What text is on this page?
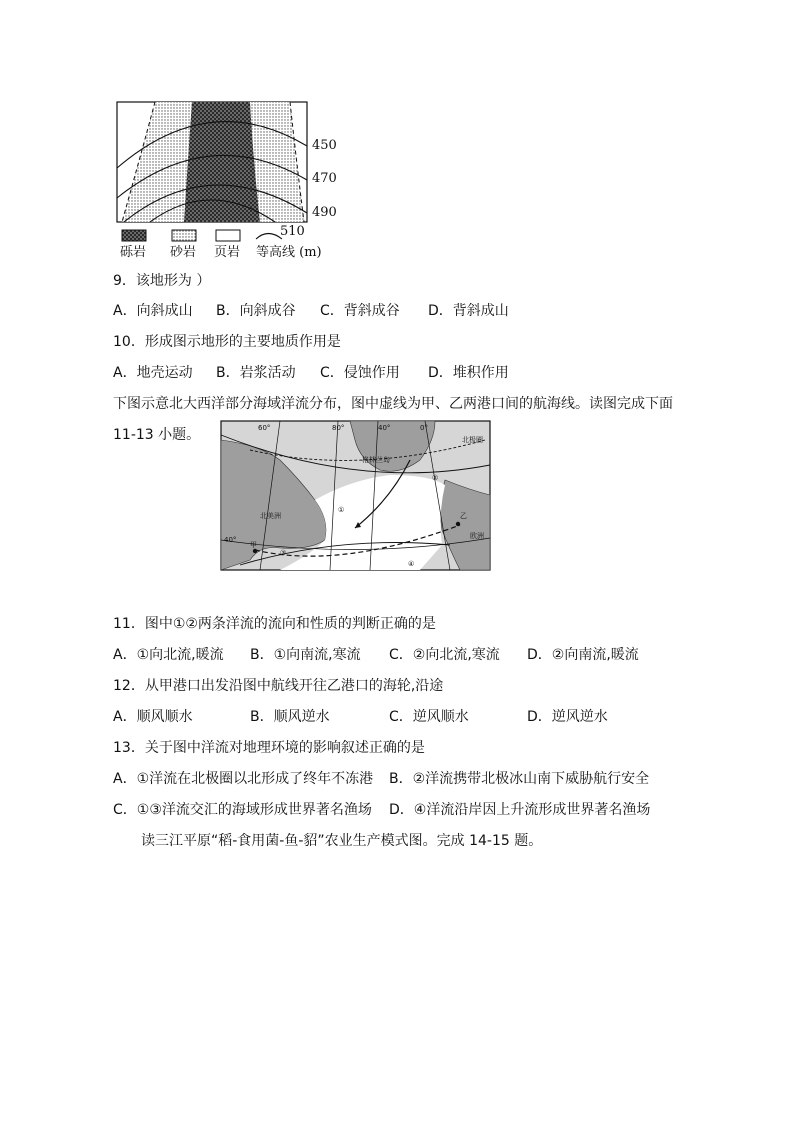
450
470
490
510
砾岩 砂岩 页岩 等高线 (m)
9．该地形为 ）
A．向斜成山 B．向斜成谷 C．背斜成谷 D．背斜成山
10．形成图示地形的主要地质作用是
A．地壳运动 B．岩浆活动 C．侵蚀作用 D．堆积作用
下图示意北大西洋部分海域洋流分布，图中虚线为甲、乙两港口间的航海线。读图完成下面
11-13 小题。	60°	80°	40°	0°
北极圈
格林兰岛
北美洲
欧洲
40°
甲
乙
①
②
③
④
11．图中①②两条洋流的流向和性质的判断正确的是
A．①向北流,暖流 B．①向南流,寒流 C．②向北流,寒流 D．②向南流,暖流
12．从甲港口出发沿图中航线开往乙港口的海轮,沿途
A．顺风顺水	B．顺风逆水	C．逆风顺水	D．逆风逆水
13．关于图中洋流对地理环境的影响叙述正确的是
A．①洋流在北极圈以北形成了终年不冻港 B．②洋流携带北极冰山南下威胁航行安全
C．①③洋流交汇的海域形成世界著名渔场 D．④洋流沿岸因上升流形成世界著名渔场
读三江平原“稻-食用菌-鱼-貂”农业生产模式图。完成 14-15 题。
